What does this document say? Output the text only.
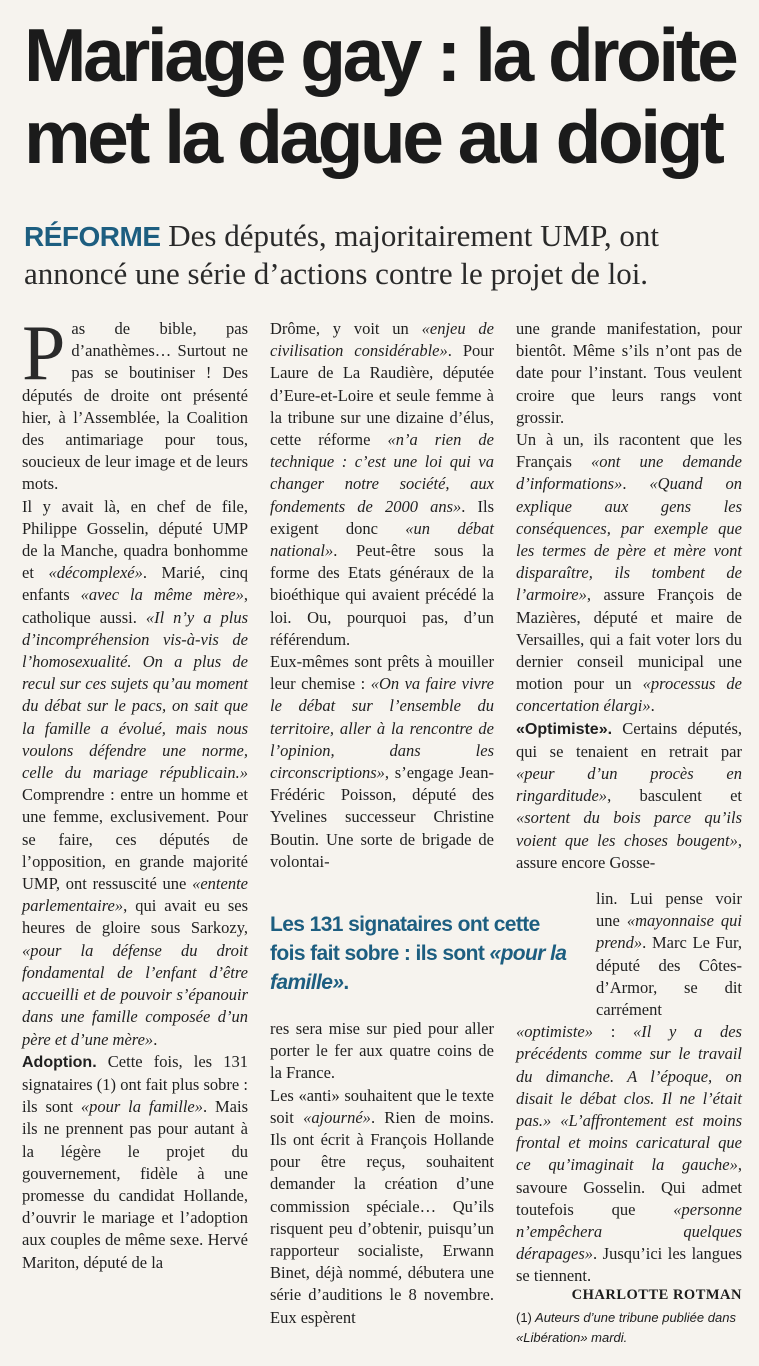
Mariage gay : la droite
met la dague au doigt

RÉFORME Des députés, majoritairement UMP, ont annoncé une série d’actions contre le projet de loi.

Pas de bible, pas d’anathèmes… Surtout ne pas se boutiniser ! Des députés de droite ont présenté hier, à l’Assemblée, la Coalition des antimariage pour tous, soucieux de leur image et de leurs mots.

Il y avait là, en chef de file, Philippe Gosselin, député UMP de la Manche, quadra bonhomme et «décomplexé». Marié, cinq enfants «avec la même mère», catholique aussi. «Il n’y a plus d’incompréhension vis-à-vis de l’homosexualité. On a plus de recul sur ces sujets qu’au moment du débat sur le pacs, on sait que la famille a évolué, mais nous voulons défendre une norme, celle du mariage républicain.» Comprendre : entre un homme et une femme, exclusivement. Pour se faire, ces députés de l’opposition, en grande majorité UMP, ont ressuscité une «entente parlementaire», qui avait eu ses heures de gloire sous Sarkozy, «pour la défense du droit fondamental de l’enfant d’être accueilli et de pouvoir s’épanouir dans une famille composée d’un père et d’une mère».

Adoption. Cette fois, les 131 signataires (1) ont fait plus sobre : ils sont «pour la famille». Mais ils ne prennent pas pour autant à la légère le projet du gouvernement, fidèle à une promesse du candidat Hollande, d’ouvrir le mariage et l’adoption aux couples de même sexe. Hervé Mariton, député de la

Drôme, y voit un «enjeu de civilisation considérable». Pour Laure de La Raudière, députée d’Eure-et-Loire et seule femme à la tribune sur une dizaine d’élus, cette réforme «n’a rien de technique : c’est une loi qui va changer notre société, aux fondements de 2000 ans». Ils exigent donc «un débat national». Peut-être sous la forme des Etats généraux de la bioéthique qui avaient précédé la loi. Ou, pourquoi pas, d’un référendum.

Eux-mêmes sont prêts à mouiller leur chemise : «On va faire vivre le débat sur l’ensemble du territoire, aller à la rencontre de l’opinion, dans les circonscriptions», s’engage Jean-Frédéric Poisson, député des Yvelines successeur Christine Boutin. Une sorte de brigade de volontai-

Les 131 signataires ont cette fois fait sobre : ils sont «pour la famille».

res sera mise sur pied pour aller porter le fer aux quatre coins de la France.

Les «anti» souhaitent que le texte soit «ajourné». Rien de moins. Ils ont écrit à François Hollande pour être reçus, souhaitent demander la création d’une commission spéciale… Qu’ils risquent peu d’obtenir, puisqu’un rapporteur socialiste, Erwann Binet, déjà nommé, débutera une série d’auditions le 8 novembre. Eux espèrent

une grande manifestation, pour bientôt. Même s’ils n’ont pas de date pour l’instant. Tous veulent croire que leurs rangs vont grossir.

Un à un, ils racontent que les Français «ont une demande d’informations». «Quand on explique aux gens les conséquences, par exemple que les termes de père et mère vont disparaître, ils tombent de l’armoire», assure François de Mazières, député et maire de Versailles, qui a fait voter lors du dernier conseil municipal une motion pour un «processus de concertation élargi».

«Optimiste». Certains députés, qui se tenaient en retrait par «peur d’un procès en ringarditude», basculent et «sortent du bois parce qu’ils voient que les choses bougent», assure encore Gosse-

lin. Lui pense voir une «mayonnaise qui prend». Marc Le Fur, député des Côtes-d’Armor, se dit carrément

«optimiste» : «Il y a des précédents comme sur le travail du dimanche. A l’époque, on disait le débat clos. Il ne l’était pas.» «L’affrontement est moins frontal et moins caricatural que ce qu’imaginait la gauche», savoure Gosselin. Qui admet toutefois que «personne n’empêchera quelques dérapages». Jusqu’ici les langues se tiennent.

CHARLOTTE ROTMAN

(1) Auteurs d’une tribune publiée dans «Libération» mardi.
